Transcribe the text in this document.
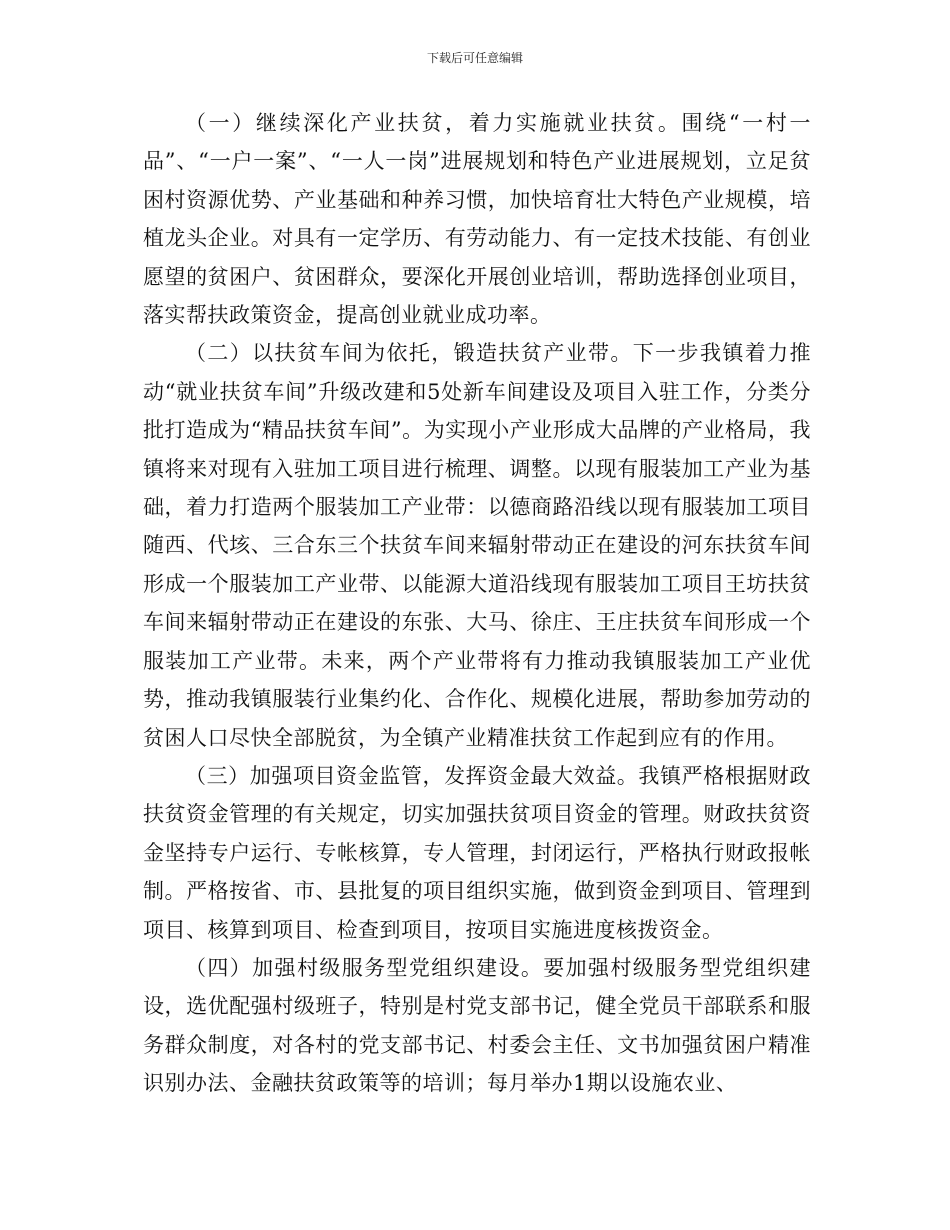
下载后可任意编辑

（一）继续深化产业扶贫，着力实施就业扶贫。围绕“一村一品”、“一户一案”、“一人一岗”进展规划和特色产业进展规划，立足贫困村资源优势、产业基础和种养习惯，加快培育壮大特色产业规模，培植龙头企业。对具有一定学历、有劳动能力、有一定技术技能、有创业愿望的贫困户、贫困群众，要深化开展创业培训，帮助选择创业项目，落实帮扶政策资金，提高创业就业成功率。

（二）以扶贫车间为依托，锻造扶贫产业带。下一步我镇着力推动“就业扶贫车间”升级改建和5处新车间建设及项目入驻工作，分类分批打造成为“精品扶贫车间”。为实现小产业形成大品牌的产业格局，我镇将来对现有入驻加工项目进行梳理、调整。以现有服装加工产业为基础，着力打造两个服装加工产业带：以德商路沿线以现有服装加工项目随西、代垓、三合东三个扶贫车间来辐射带动正在建设的河东扶贫车间形成一个服装加工产业带、以能源大道沿线现有服装加工项目王坊扶贫车间来辐射带动正在建设的东张、大马、徐庄、王庄扶贫车间形成一个服装加工产业带。未来，两个产业带将有力推动我镇服装加工产业优势，推动我镇服装行业集约化、合作化、规模化进展，帮助参加劳动的贫困人口尽快全部脱贫，为全镇产业精准扶贫工作起到应有的作用。

（三）加强项目资金监管，发挥资金最大效益。我镇严格根据财政扶贫资金管理的有关规定，切实加强扶贫项目资金的管理。财政扶贫资金坚持专户运行、专帐核算，专人管理，封闭运行，严格执行财政报帐制。严格按省、市、县批复的项目组织实施，做到资金到项目、管理到项目、核算到项目、检查到项目，按项目实施进度核拨资金。

（四）加强村级服务型党组织建设。要加强村级服务型党组织建设，选优配强村级班子，特别是村党支部书记，健全党员干部联系和服务群众制度，对各村的党支部书记、村委会主任、文书加强贫困户精准识别办法、金融扶贫政策等的培训；每月举办1期以设施农业、
